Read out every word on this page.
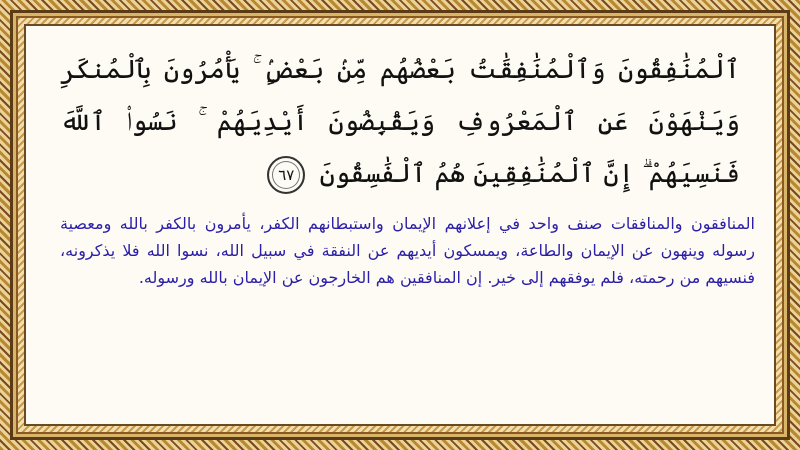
ٱلْمُنَٰفِقُونَ وَٱلْمُنَٰفِقَٰتُ بَعْضُهُم مِّنۢ بَعْضٍۢ ۚ يَأْمُرُونَ بِٱلْمُنكَرِ وَيَنْهَوْنَ عَنِ ٱلْمَعْرُوفِ وَيَقْبِضُونَ أَيْدِيَهُمْ ۚ نَسُوا۟ ٱللَّهَ فَنَسِيَهُمْ ۗ إِنَّ ٱلْمُنَٰفِقِينَ هُمُ ٱلْفَٰسِقُونَ ٦٧
المنافقون والمنافقات صنف واحد في إعلانهم الإيمان واستبطانهم الكفر، يأمرون بالكفر بالله ومعصية رسوله وينهون عن الإيمان والطاعة، ويمسكون أيديهم عن النفقة في سبيل الله، نسوا الله فلا يذكرونه، فنسيهم من رحمته، فلم يوفقهم إلى خير. إن المنافقين هم الخارجون عن الإيمان بالله ورسوله.
